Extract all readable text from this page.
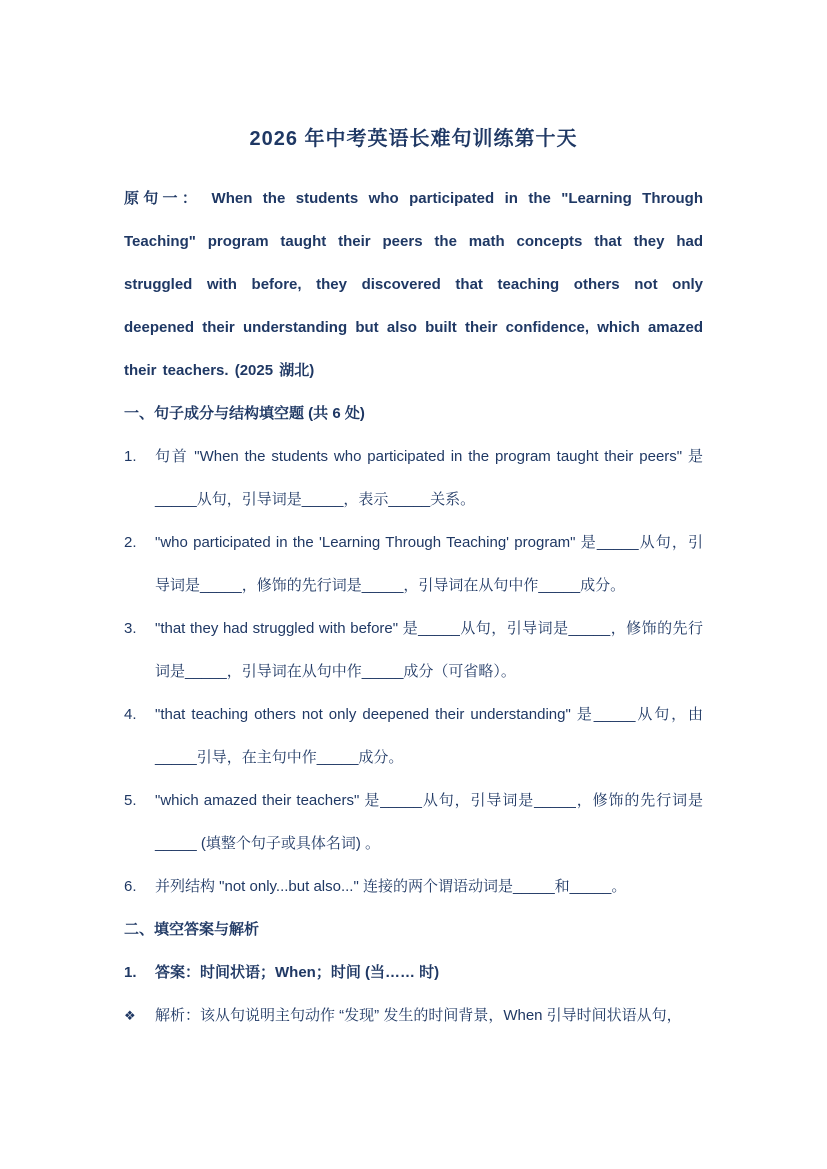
2026 年中考英语长难句训练第十天

原句一： When the students who participated in the "Learning Through Teaching" program taught their peers the math concepts that they had struggled with before, they discovered that teaching others not only deepened their understanding but also built their confidence, which amazed their teachers. (2025 湖北)

一、句子成分与结构填空题 (共 6 处)
1.	句首 "When the students who participated in the program taught their peers" 是_____从句，引导词是_____，表示_____关系。
2.	"who participated in the 'Learning Through Teaching' program" 是_____从句，引导词是_____，修饰的先行词是_____，引导词在从句中作_____成分。
3.	"that they had struggled with before" 是_____从句，引导词是_____，修饰的先行词是_____，引导词在从句中作_____成分（可省略）。
4.	"that teaching others not only deepened their understanding" 是_____从句，由_____引导，在主句中作_____成分。
5.	"which amazed their teachers" 是_____从句，引导词是_____，修饰的先行词是_____ (填整个句子或具体名词) 。
6.	并列结构 "not only...but also..." 连接的两个谓语动词是_____和_____。
二、填空答案与解析
1.	答案：时间状语；When；时间 (当…… 时)
❖	解析：该从句说明主句动作 “发现” 发生的时间背景，When 引导时间状语从句，
